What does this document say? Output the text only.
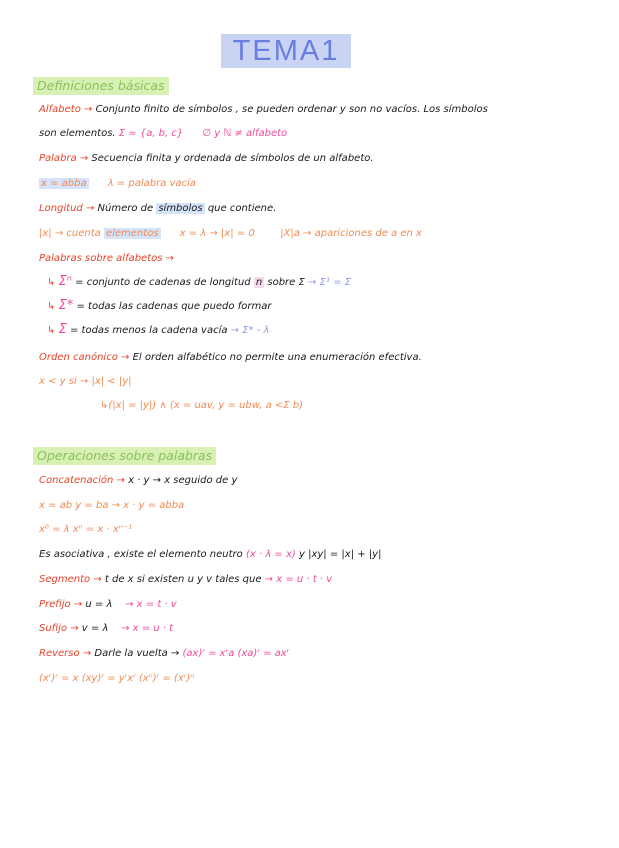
TEMA1
Definiciones básicas
Alfabeto → Conjunto finito de símbolos , se pueden ordenar y son no vacíos. Los símbolos
son elementos. Σ = {a, b, c} ∅ y ℕ ≠ alfabeto
Palabra → Secuencia finita y ordenada de símbolos de un alfabeto.
x = abba λ = palabra vacía
Longitud → Número de símbolos que contiene.
|x| → cuenta elementos x = λ → |x| = 0	|X|a → apariciones de a en x
Palabras sobre alfabetos →
↳ Σⁿ = conjunto de cadenas de longitud n sobre Σ → Σ¹ = Σ
↳ Σ* = todas las cadenas que puedo formar
↳ Σ = todas menos la cadena vacía → Σ* - λ
Orden canónico → El orden alfabético no permite una enumeración efectiva.
x < y si → |x| < |y|
↳(|x| = |y|) ∧ (x = uav, y = ubw, a <Σ b)
Operaciones sobre palabras
Concatenación → x · y → x seguido de y
x = ab y = ba → x · y = abba
x⁰ = λ xⁿ = x · xⁿ⁻¹
Es asociativa , existe el elemento neutro (x · λ = x) y |xy| = |x| + |y|
Segmento → t de x si existen u y v tales que → x = u · t · v
Prefijo → u = λ → x = t · v
Sufijo → v = λ → x = u · t
Reverso → Darle la vuelta → (ax)ʳ = xʳa (xa)ʳ = axʳ
(xʳ)ʳ = x (xy)ʳ = yʳxʳ (xⁿ)ʳ = (xʳ)ⁿ
